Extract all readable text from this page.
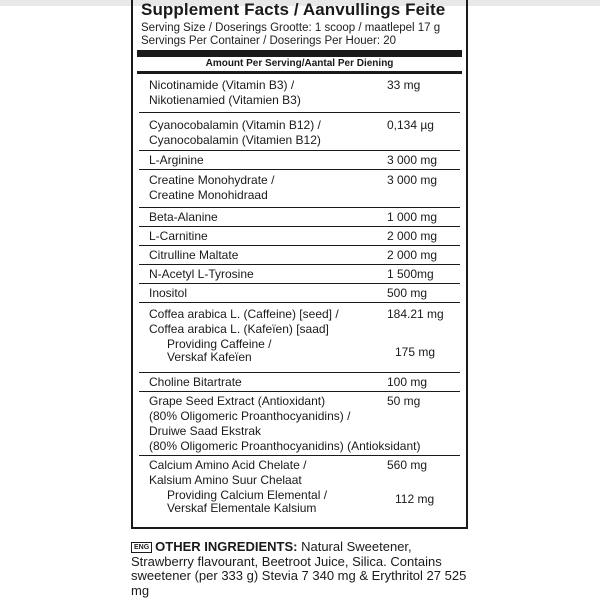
Supplement Facts / Aanvullings Feite
Serving Size / Doserings Grootte: 1 scoop / maatlepel 17 g
Servings Per Container / Doserings Per Houer: 20
Amount Per Serving/Aantal Per Diening
Nicotinamide (Vitamin B3) /
Nikotienamied (Vitamien B3)
33 mg
Cyanocobalamin (Vitamin B12) /
Cyanocobalamin (Vitamien B12)
0,134 µg
L-Arginine	3 000 mg
Creatine Monohydrate /
Creatine Monohidraad
3 000 mg
Beta-Alanine	1 000 mg
L-Carnitine	2 000 mg
Citrulline Maltate	2 000 mg
N-Acetyl L-Tyrosine	1 500mg
Inositol	500 mg
Coffea arabica L. (Caffeine) [seed] /
Coffea arabica L. (Kafeïen) [saad]
184.21 mg
Providing Caffeine /
Verskaf Kafeïen	175 mg
Choline Bitartrate	100 mg
Grape Seed Extract (Antioxidant)
(80% Oligomeric Proanthocyanidins) /
Druiwe Saad Ekstrak
(80% Oligomeric Proanthocyanidins) (Antioksidant)
50 mg
Calcium Amino Acid Chelate /
Kalsium Amino Suur Chelaat
560 mg
Providing Calcium Elemental /
Verskaf Elementale Kalsium
112 mg
ENG OTHER INGREDIENTS: Natural Sweetener, Strawberry flavourant, Beetroot Juice, Silica. Contains sweetener (per 333 g) Stevia 7 340 mg & Erythritol 27 525 mg
